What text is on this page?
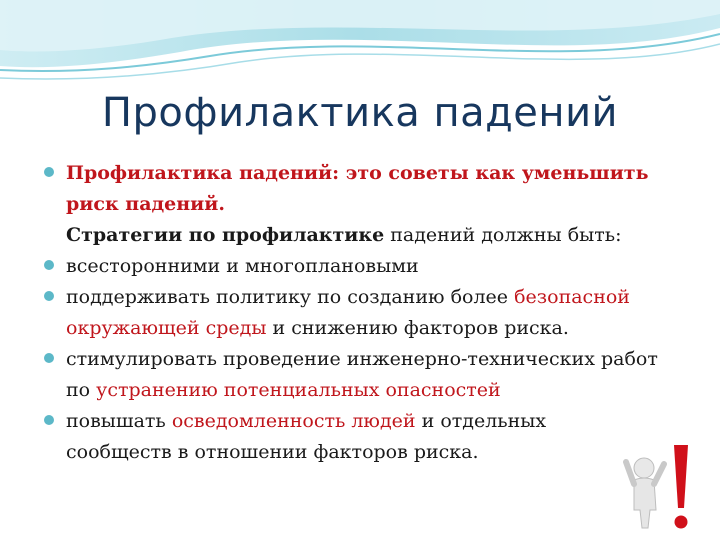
Профилактика падений
Профилактика падений: это советы как уменьшить риск падений.
Стратегии по профилактике падений должны быть:
всесторонними и многоплановыми
поддерживать политику по созданию более безопасной окружающей среды и снижению факторов риска.
стимулировать проведение инженерно-технических работ по устранению потенциальных опасностей
повышать осведомленность людей и отдельных
сообществ в отношении факторов риска.
